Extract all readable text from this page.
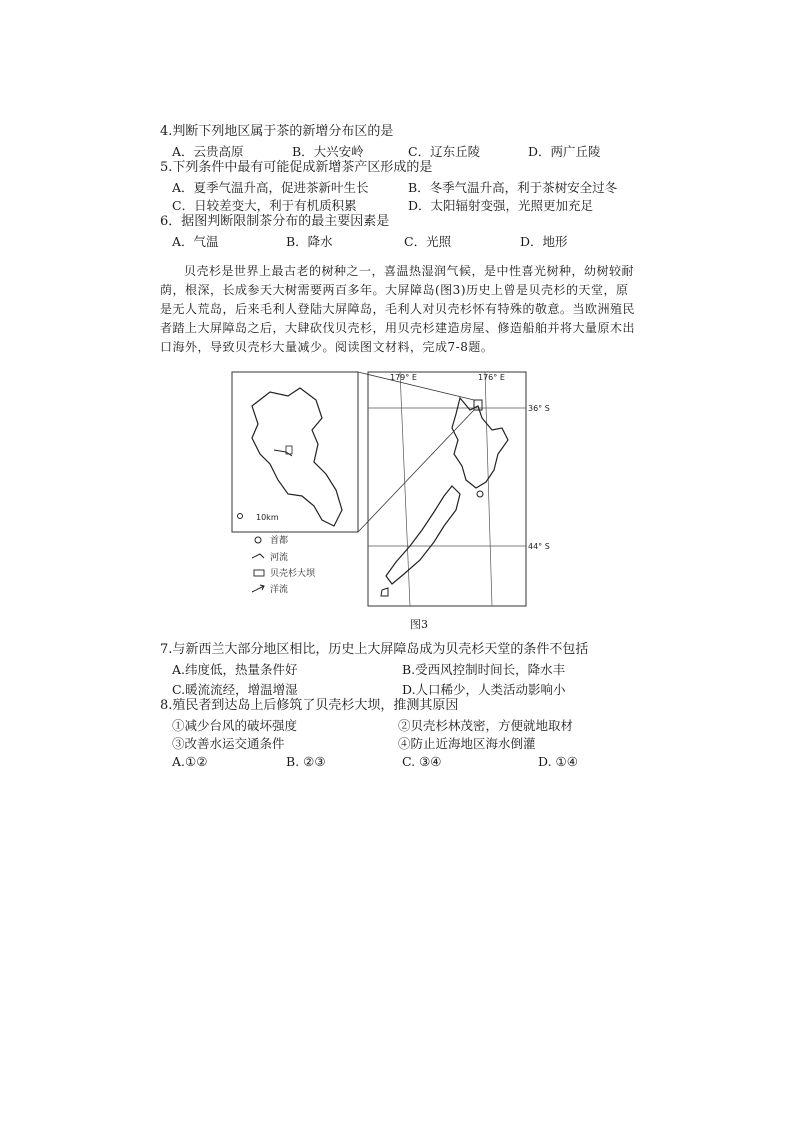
4.判断下列地区属于茶的新增分布区的是
A．云贵高原	B．大兴安岭	C．辽东丘陵	D．两广丘陵
5.下列条件中最有可能促成新增茶产区形成的是
A．夏季气温升高，促进茶新叶生长	B．冬季气温升高，利于茶树安全过冬
C．日较差变大，利于有机质积累	D．太阳辐射变强，光照更加充足
6．据图判断限制茶分布的最主要因素是
A．气温	B．降水	C．光照	D．地形

贝壳杉是世界上最古老的树种之一，喜温热湿润气候，是中性喜光树种，幼树较耐荫，根深，长成参天大树需要两百多年。大屏障岛(图3)历史上曾是贝壳杉的天堂，原是无人荒岛，后来毛利人登陆大屏障岛，毛利人对贝壳杉怀有特殊的敬意。当欧洲殖民者踏上大屏障岛之后，大肆砍伐贝壳杉，用贝壳杉建造房屋、修造船舶并将大量原木出口海外，导致贝壳杉大量减少。阅读图文材料，完成7-8题。

10km
179° E	176° E
36° S
44° S
首都
河流
贝壳杉大坝
洋流
图3
7.与新西兰大部分地区相比，历史上大屏障岛成为贝壳杉天堂的条件不包括
A.纬度低，热量条件好	B.受西风控制时间长，降水丰
C.暖流流经，增温增湿	D.人口稀少，人类活动影响小
8.殖民者到达岛上后修筑了贝壳杉大坝，推测其原因
①减少台风的破坏强度	②贝壳杉林茂密，方便就地取材
③改善水运交通条件	④防止近海地区海水倒灌
A.①②	B. ②③	C. ③④	D. ①④
